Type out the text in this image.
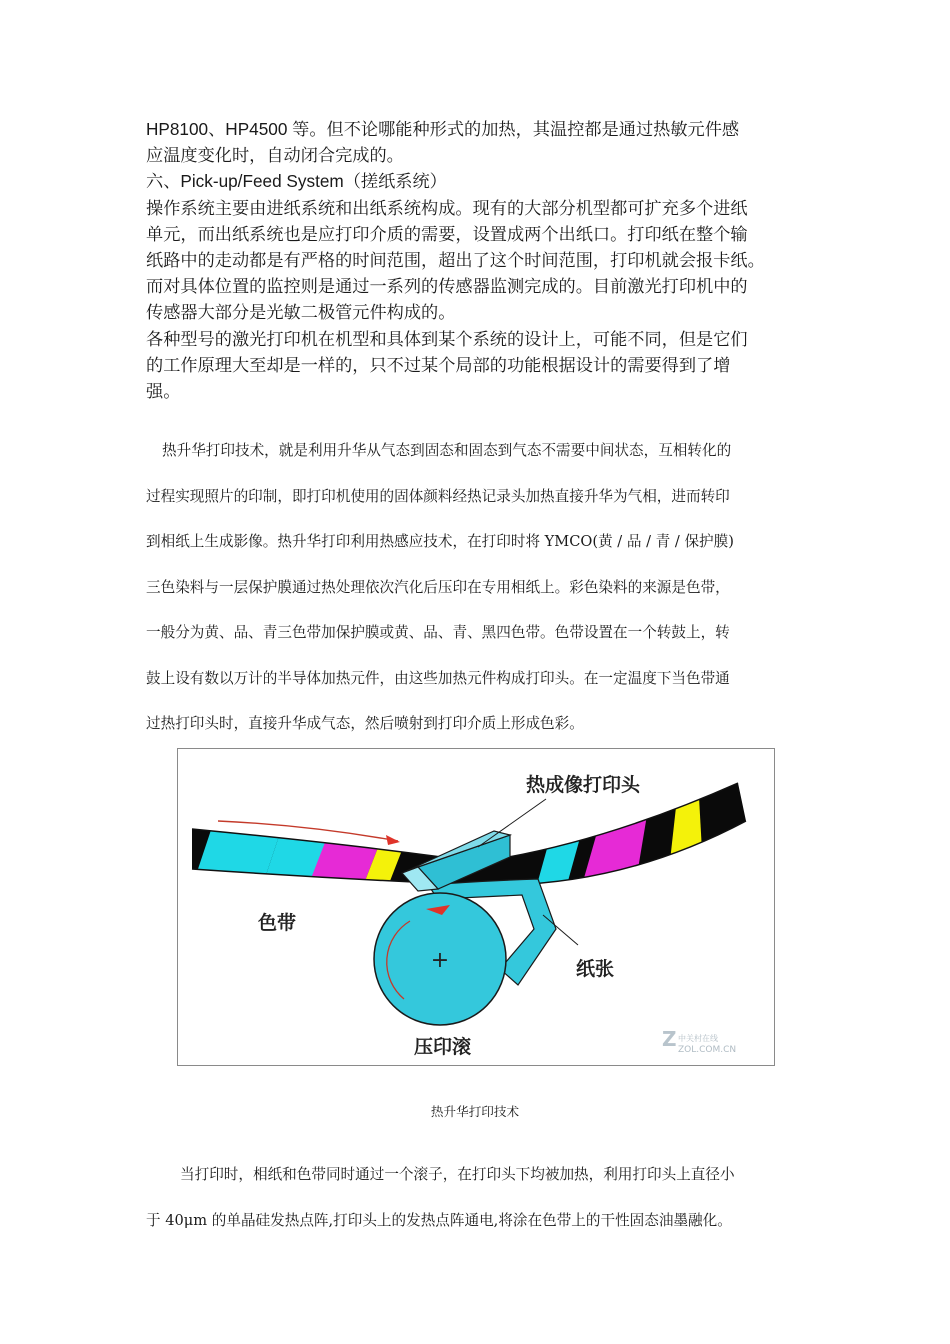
HP8100、HP4500 等。但不论哪能种形式的加热，其温控都是通过热敏元件感

应温度变化时，自动闭合完成的。

六、Pick-up/Feed System（搓纸系统）

操作系统主要由进纸系统和出纸系统构成。现有的大部分机型都可扩充多个进纸

单元，而出纸系统也是应打印介质的需要，设置成两个出纸口。打印纸在整个输

纸路中的走动都是有严格的时间范围，超出了这个时间范围，打印机就会报卡纸。

而对具体位置的监控则是通过一系列的传感器监测完成的。目前激光打印机中的

传感器大部分是光敏二极管元件构成的。

各种型号的激光打印机在机型和具体到某个系统的设计上，可能不同，但是它们

的工作原理大至却是一样的，只不过某个局部的功能根据设计的需要得到了增

强。

热升华打印技术，就是利用升华从气态到固态和固态到气态不需要中间状态，互相转化的

过程实现照片的印制，即打印机使用的固体颜料经热记录头加热直接升华为气相，进而转印

到相纸上生成影像。热升华打印利用热感应技术，在打印时将 YMCO(黄 / 品 / 青 / 保护膜)

三色染料与一层保护膜通过热处理依次汽化后压印在专用相纸上。彩色染料的来源是色带，

一般分为黄、品、青三色带加保护膜或黄、品、青、黑四色带。色带设置在一个转鼓上，转

鼓上设有数以万计的半导体加热元件，由这些加热元件构成打印头。在一定温度下当色带通

过热打印头时，直接升华成气态，然后喷射到打印介质上形成色彩。

+
热成像打印头
色带
纸张
压印滚	Z 中关村在线
ZOL.COM.CN
热升华打印技术

当打印时，相纸和色带同时通过一个滚子，在打印头下均被加热，利用打印头上直径小

于 40μm 的单晶硅发热点阵,打印头上的发热点阵通电,将涂在色带上的干性固态油墨融化。
